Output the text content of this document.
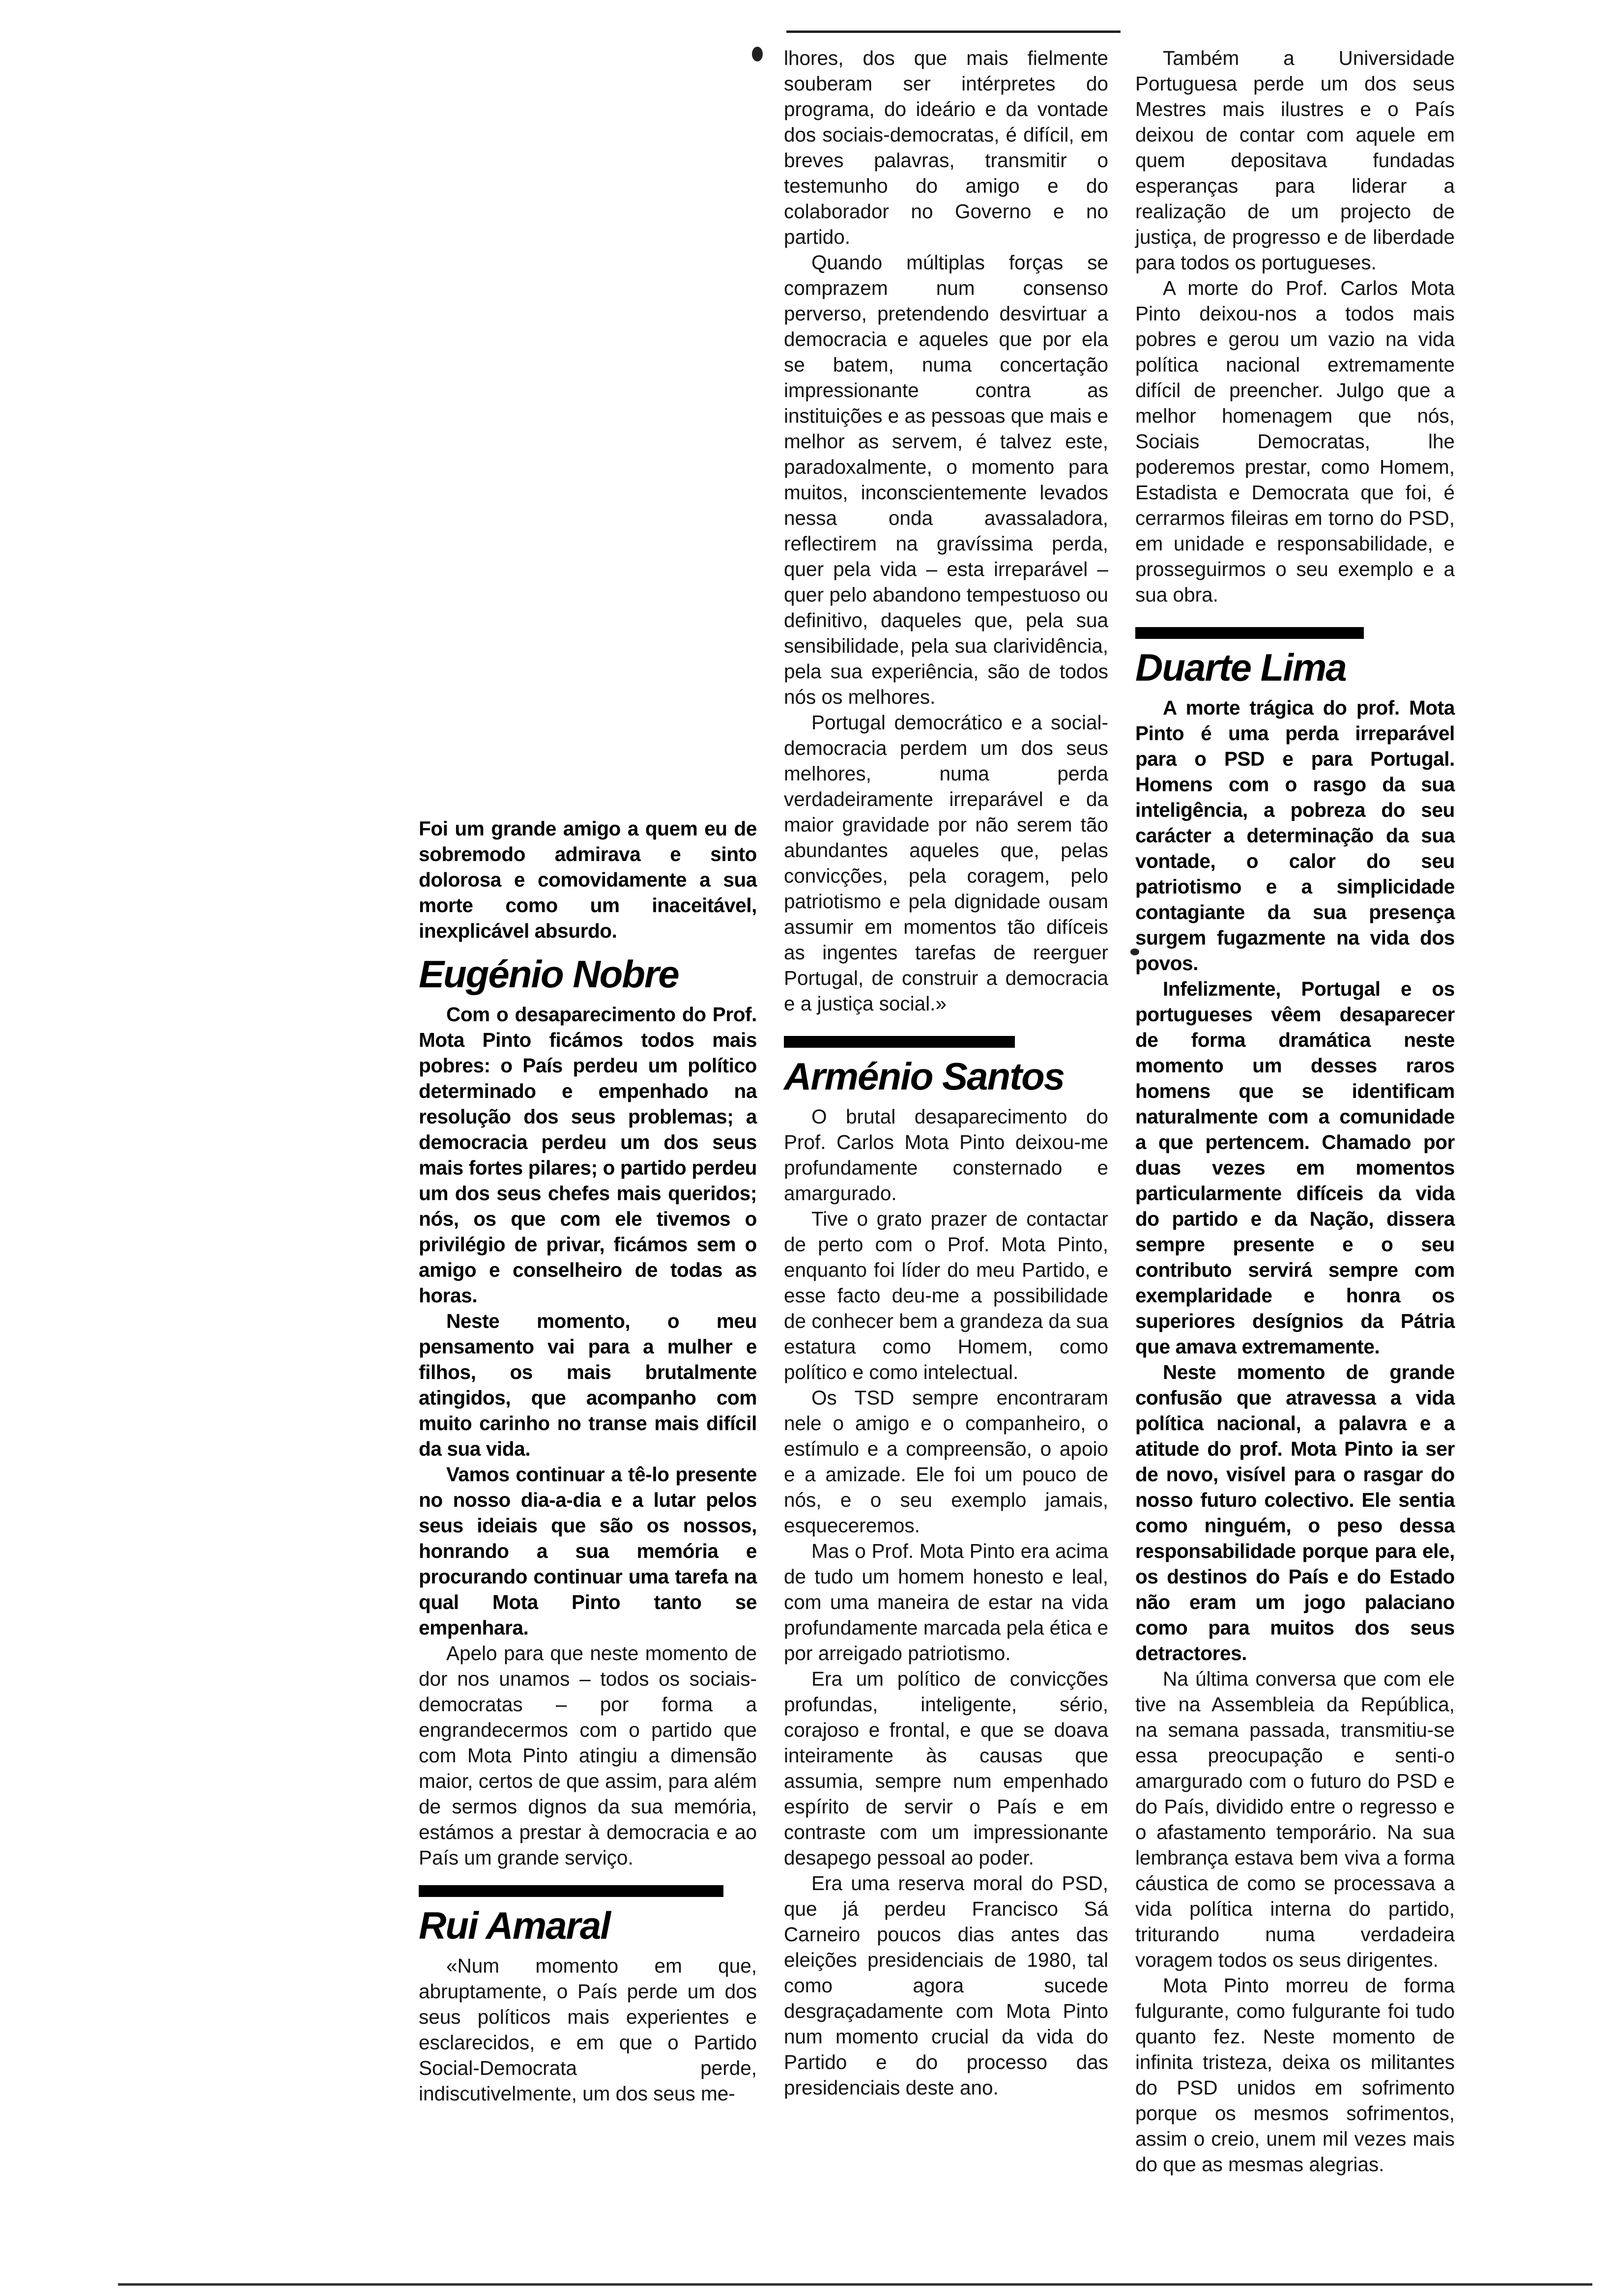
Foi um grande amigo a quem eu de sobremodo admirava e sinto dolorosa e comovidamente a sua morte como um inaceitável, inexplicável absurdo.

Eugénio Nobre

Com o desaparecimento do Prof. Mota Pinto ficámos todos mais pobres: o País perdeu um político determinado e empenhado na resolução dos seus problemas; a democracia perdeu um dos seus mais fortes pilares; o partido perdeu um dos seus chefes mais queridos; nós, os que com ele tivemos o privilégio de privar, ficámos sem o amigo e conselheiro de todas as horas.

Neste momento, o meu pensamento vai para a mulher e filhos, os mais brutalmente atingidos, que acompanho com muito carinho no transe mais difícil da sua vida.

Vamos continuar a tê-lo presente no nosso dia-a-dia e a lutar pelos seus ideiais que são os nossos, honrando a sua memória e procurando continuar uma tarefa na qual Mota Pinto tanto se empenhara.

Apelo para que neste momento de dor nos unamos – todos os sociais-democratas – por forma a engrandecermos com o partido que com Mota Pinto atingiu a dimensão maior, certos de que assim, para além de sermos dignos da sua memória, estámos a prestar à democracia e ao País um grande serviço.

Rui Amaral

«Num momento em que, abruptamente, o País perde um dos seus políticos mais experientes e esclarecidos, e em que o Partido Social-Democrata perde, indiscutivelmente, um dos seus me-

lhores, dos que mais fielmente souberam ser intérpretes do programa, do ideário e da vontade dos sociais-democratas, é difícil, em breves palavras, transmitir o testemunho do amigo e do colaborador no Governo e no partido.

Quando múltiplas forças se comprazem num consenso perverso, pretendendo desvirtuar a democracia e aqueles que por ela se batem, numa concertação impressionante contra as instituições e as pessoas que mais e melhor as servem, é talvez este, paradoxalmente, o momento para muitos, inconscientemente levados nessa onda avassaladora, reflectirem na gravíssima perda, quer pela vida – esta irreparável – quer pelo abandono tempestuoso ou definitivo, daqueles que, pela sua sensibilidade, pela sua clarividência, pela sua experiência, são de todos nós os melhores.

Portugal democrático e a social-democracia perdem um dos seus melhores, numa perda verdadeiramente irreparável e da maior gravidade por não serem tão abundantes aqueles que, pelas convicções, pela coragem, pelo patriotismo e pela dignidade ousam assumir em momentos tão difíceis as ingentes tarefas de reerguer Portugal, de construir a democracia e a justiça social.»

Arménio Santos

O brutal desaparecimento do Prof. Carlos Mota Pinto deixou-me profundamente consternado e amargurado.

Tive o grato prazer de contactar de perto com o Prof. Mota Pinto, enquanto foi líder do meu Partido, e esse facto deu-me a possibilidade de conhecer bem a grandeza da sua estatura como Homem, como político e como intelectual.

Os TSD sempre encontraram nele o amigo e o companheiro, o estímulo e a compreensão, o apoio e a amizade. Ele foi um pouco de nós, e o seu exemplo jamais, esqueceremos.

Mas o Prof. Mota Pinto era acima de tudo um homem honesto e leal, com uma maneira de estar na vida profundamente marcada pela ética e por arreigado patriotismo.

Era um político de convicções profundas, inteligente, sério, corajoso e frontal, e que se doava inteiramente às causas que assumia, sempre num empenhado espírito de servir o País e em contraste com um impressionante desapego pessoal ao poder.

Era uma reserva moral do PSD, que já perdeu Francisco Sá Carneiro poucos dias antes das eleições presidenciais de 1980, tal como agora sucede desgraçadamente com Mota Pinto num momento crucial da vida do Partido e do processo das presidenciais deste ano.

Também a Universidade Portuguesa perde um dos seus Mestres mais ilustres e o País deixou de contar com aquele em quem depositava fundadas esperanças para liderar a realização de um projecto de justiça, de progresso e de liberdade para todos os portugueses.

A morte do Prof. Carlos Mota Pinto deixou-nos a todos mais pobres e gerou um vazio na vida política nacional extremamente difícil de preencher. Julgo que a melhor homenagem que nós, Sociais Democratas, lhe poderemos prestar, como Homem, Estadista e Democrata que foi, é cerrarmos fileiras em torno do PSD, em unidade e responsabilidade, e prosseguirmos o seu exemplo e a sua obra.

Duarte Lima

A morte trágica do prof. Mota Pinto é uma perda irreparável para o PSD e para Portugal. Homens com o rasgo da sua inteligência, a pobreza do seu carácter a determinação da sua vontade, o calor do seu patriotismo e a simplicidade contagiante da sua presença surgem fugazmente na vida dos povos.

Infelizmente, Portugal e os portugueses vêem desaparecer de forma dramática neste momento um desses raros homens que se identificam naturalmente com a comunidade a que pertencem. Chamado por duas vezes em momentos particularmente difíceis da vida do partido e da Nação, dissera sempre presente e o seu contributo servirá sempre com exemplaridade e honra os superiores desígnios da Pátria que amava extremamente.

Neste momento de grande confusão que atravessa a vida política nacional, a palavra e a atitude do prof. Mota Pinto ia ser de novo, visível para o rasgar do nosso futuro colectivo. Ele sentia como ninguém, o peso dessa responsabilidade porque para ele, os destinos do País e do Estado não eram um jogo palaciano como para muitos dos seus detractores.

Na última conversa que com ele tive na Assembleia da República, na semana passada, transmitiu-se essa preocupação e senti-o amargurado com o futuro do PSD e do País, dividido entre o regresso e o afastamento temporário. Na sua lembrança estava bem viva a forma cáustica de como se processava a vida política interna do partido, triturando numa verdadeira voragem todos os seus dirigentes.

Mota Pinto morreu de forma fulgurante, como fulgurante foi tudo quanto fez. Neste momento de infinita tristeza, deixa os militantes do PSD unidos em sofrimento porque os mesmos sofrimentos, assim o creio, unem mil vezes mais do que as mesmas alegrias.
